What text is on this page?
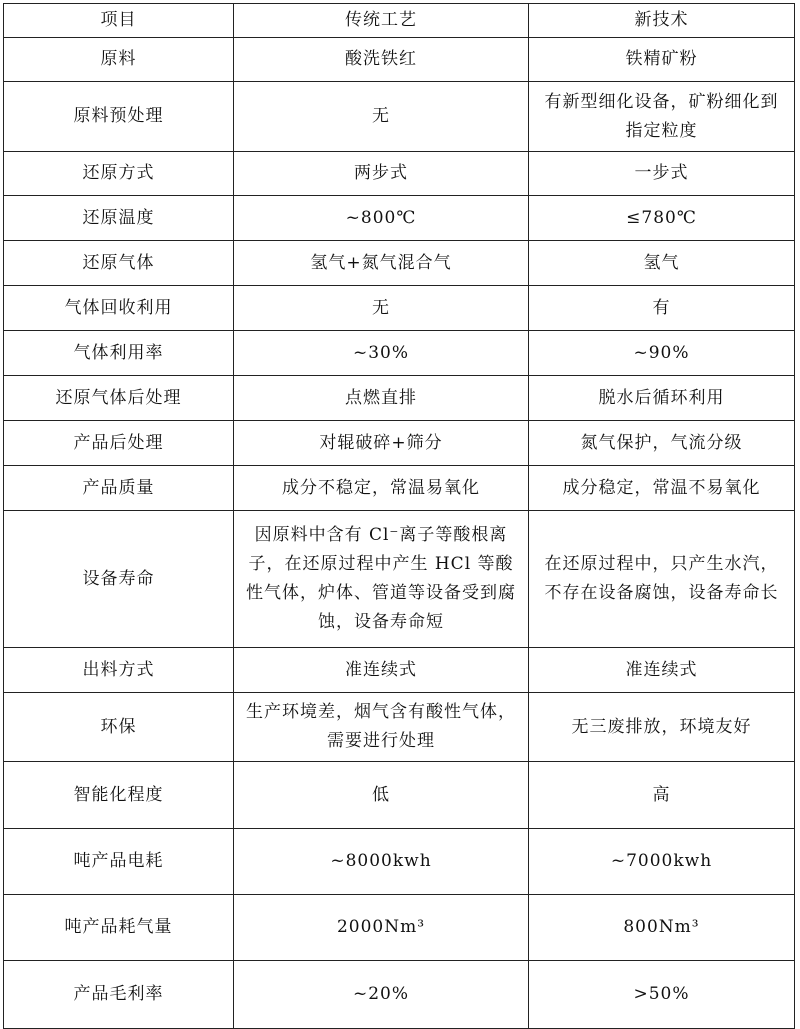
项目	传统工艺	新技术
原料	酸洗铁红	铁精矿粉
原料预处理	无	有新型细化设备，矿粉细化到指定粒度
还原方式	两步式	一步式
还原温度	~800℃	≤780℃
还原气体	氢气+氮气混合气	氢气
气体回收利用	无	有
气体利用率	~30%	~90%
还原气体后处理	点燃直排	脱水后循环利用
产品后处理	对辊破碎+筛分	氮气保护，气流分级
产品质量	成分不稳定，常温易氧化	成分稳定，常温不易氧化
设备寿命	因原料中含有 Cl⁻离子等酸根离子，在还原过程中产生 HCl 等酸性气体，炉体、管道等设备受到腐蚀，设备寿命短	在还原过程中，只产生水汽，不存在设备腐蚀，设备寿命长
出料方式	准连续式	准连续式
环保	生产环境差，烟气含有酸性气体，需要进行处理	无三废排放，环境友好
智能化程度	低	高
吨产品电耗	~8000kwh	~7000kwh
吨产品耗气量	2000Nm³	800Nm³
产品毛利率	~20%	>50%
